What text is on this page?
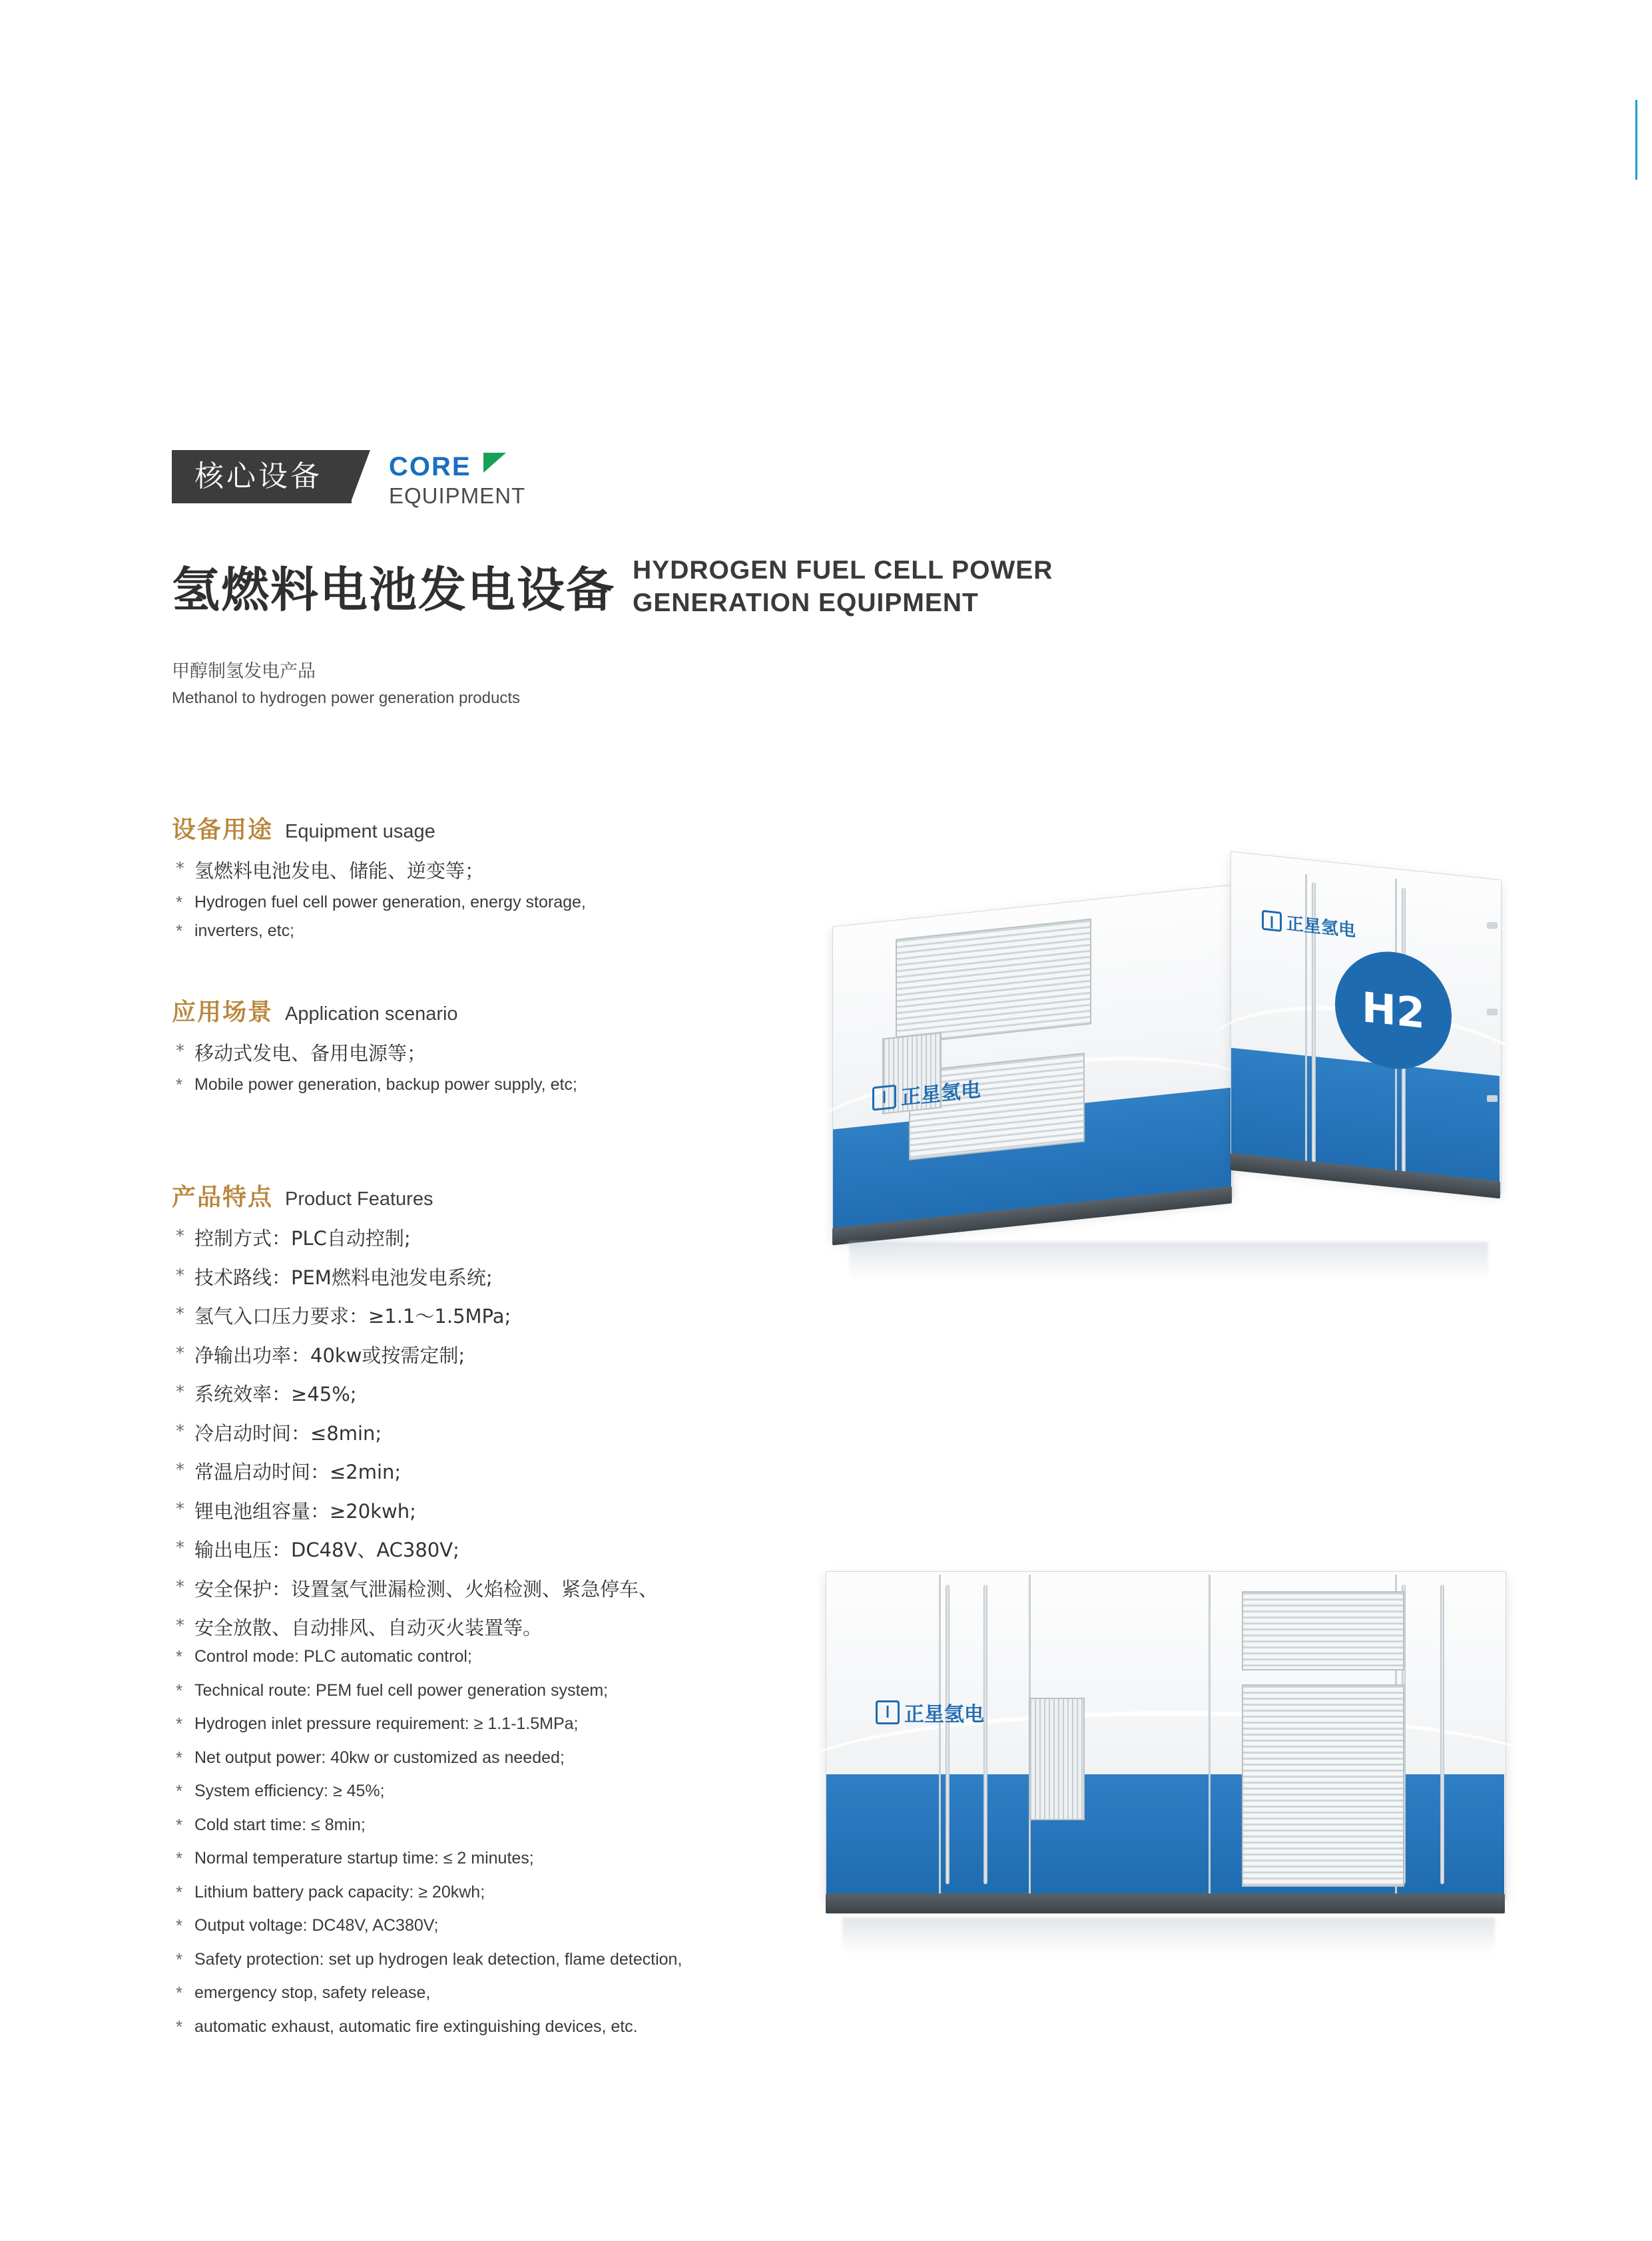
核心设备	CORE
EQUIPMENT
氢燃料电池发电设备 HYDROGEN FUEL CELL POWER
GENERATION EQUIPMENT
甲醇制氢发电产品
Methanol to hydrogen power generation products
设备用途 Equipment usage
* 氢燃料电池发电、储能、逆变等；
* Hydrogen fuel cell power generation, energy storage,
* inverters, etc;
应用场景 Application scenario
* 移动式发电、备用电源等；
* Mobile power generation, backup power supply, etc;
产品特点 Product Features
* 控制方式：PLC自动控制;
* 技术路线：PEM燃料电池发电系统;
* 氢气入口压力要求：≥1.1～1.5MPa;
* 净输出功率：40kw或按需定制;
* 系统效率：≥45%;
* 冷启动时间：≤8min;
* 常温启动时间：≤2min;
* 锂电池组容量：≥20kwh;
* 输出电压：DC48V、AC380V;
* 安全保护：设置氢气泄漏检测、火焰检测、紧急停车、
* 安全放散、自动排风、自动灭火装置等。
* Control mode: PLC automatic control;
* Technical route: PEM fuel cell power generation system;
* Hydrogen inlet pressure requirement: ≥ 1.1-1.5MPa;
* Net output power: 40kw or customized as needed;
* System efficiency: ≥ 45%;
* Cold start time: ≤ 8min;
* Normal temperature startup time: ≤ 2 minutes;
* Lithium battery pack capacity: ≥ 20kwh;
* Output voltage: DC48V, AC380V;
* Safety protection: set up hydrogen leak detection, flame detection,
* emergency stop, safety release,
* automatic exhaust, automatic fire extinguishing devices, etc.
正星氢电
正星氢电
H2
正星氢电
